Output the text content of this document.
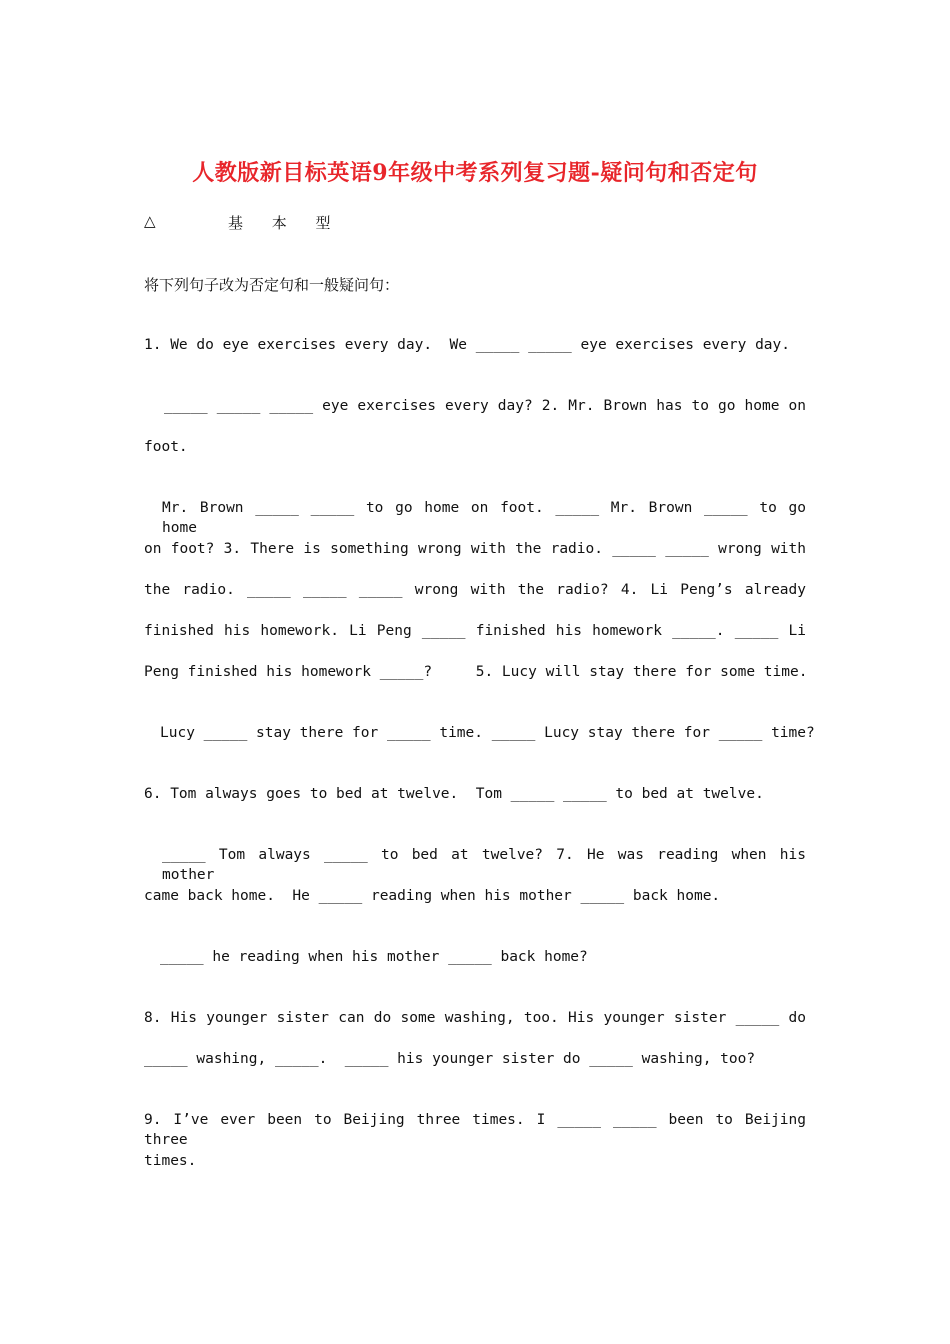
人教版新目标英语9年级中考系列复习题-疑问句和否定句
△	基 本 型
将下列句子改为否定句和一般疑问句：
1. We do eye exercises every day.  We _____ _____ eye exercises every day.
_____ _____ _____ eye exercises every day? 2. Mr. Brown has to go home on
foot.
Mr. Brown _____ _____ to go home on foot. _____ Mr. Brown _____ to go home
on foot? 3. There is something wrong with the radio. _____ _____ wrong with
the radio. _____ _____ _____ wrong with the radio? 4. Li Peng’s already
finished his homework. Li Peng _____ finished his homework _____. _____ Li
Peng finished his homework _____?     5. Lucy will stay there for some time.
Lucy _____ stay there for _____ time. _____ Lucy stay there for _____ time?
6. Tom always goes to bed at twelve.  Tom _____ _____ to bed at twelve.
_____ Tom always _____ to bed at twelve? 7. He was reading when his mother
came back home.  He _____ reading when his mother _____ back home.
_____ he reading when his mother _____ back home?
8. His younger sister can do some washing, too. His younger sister _____ do
_____ washing, _____.  _____ his younger sister do _____ washing, too?
9. I’ve ever been to Beijing three times. I _____ _____ been to Beijing three
times.
